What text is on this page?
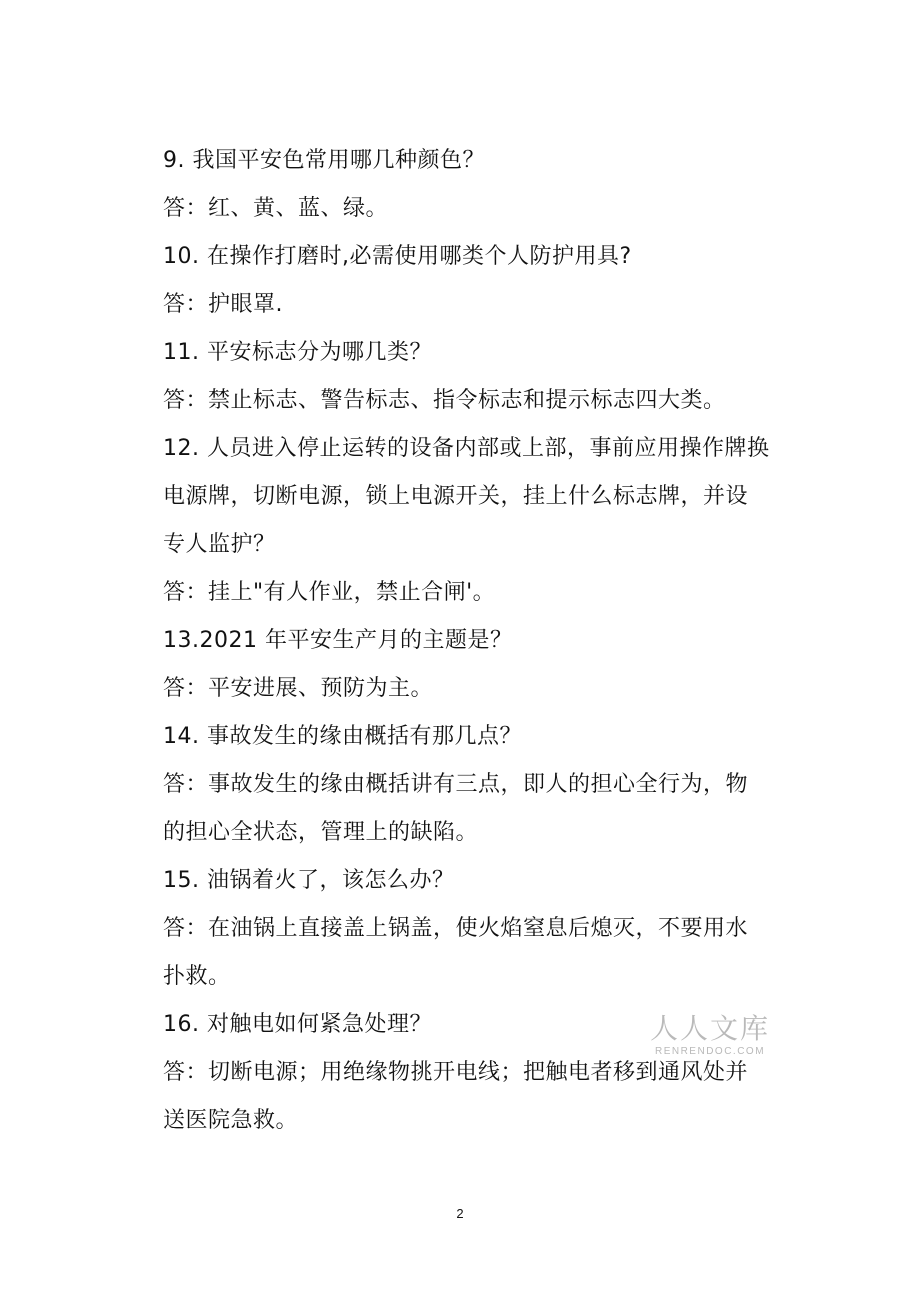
9. 我国平安色常用哪几种颜色？
答：红、黄、蓝、绿。
10. 在操作打磨时,必需使用哪类个人防护用具?
答：护眼罩.
11. 平安标志分为哪几类？
答：禁止标志、警告标志、指令标志和提示标志四大类。
12. 人员进入停止运转的设备内部或上部，事前应用操作牌换
电源牌，切断电源，锁上电源开关，挂上什么标志牌，并设
专人监护？
答：挂上"有人作业，禁止合闸'。
13.2021 年平安生产月的主题是？
答：平安进展、预防为主。
14. 事故发生的缘由概括有那几点？
答：事故发生的缘由概括讲有三点，即人的担心全行为，物
的担心全状态，管理上的缺陷。
15. 油锅着火了，该怎么办？
答：在油锅上直接盖上锅盖，使火焰窒息后熄灭，不要用水
扑救。
16. 对触电如何紧急处理？
答：切断电源；用绝缘物挑开电线；把触电者移到通风处并
送医院急救。
人人文库
RENRENDOC.COM
2
